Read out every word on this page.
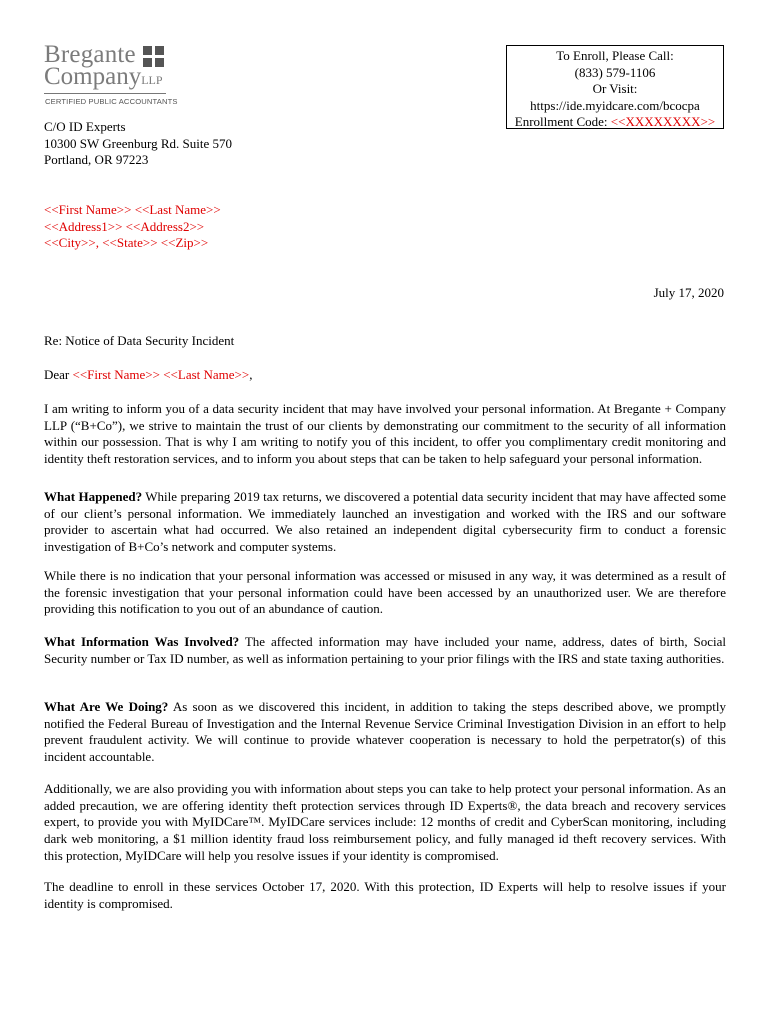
Bregante
CompanyLLP
CERTIFIED PUBLIC ACCOUNTANTS
To Enroll, Please Call:
(833) 579-1106
Or Visit:
https://ide.myidcare.com/bcocpa
Enrollment Code: <<XXXXXXXX>>
C/O ID Experts
10300 SW Greenburg Rd. Suite 570
Portland, OR 97223
<<First Name>> <<Last Name>>
<<Address1>> <<Address2>>
<<City>>, <<State>> <<Zip>>
July 17, 2020
Re: Notice of Data Security Incident
Dear <<First Name>> <<Last Name>>,
I am writing to inform you of a data security incident that may have involved your personal information. At Bregante + Company LLP (“B+Co”), we strive to maintain the trust of our clients by demonstrating our commitment to the security of all information within our possession. That is why I am writing to notify you of this incident, to offer you complimentary credit monitoring and identity theft restoration services, and to inform you about steps that can be taken to help safeguard your personal information.
What Happened? While preparing 2019 tax returns, we discovered a potential data security incident that may have affected some of our client’s personal information. We immediately launched an investigation and worked with the IRS and our software provider to ascertain what had occurred. We also retained an independent digital cybersecurity firm to conduct a forensic investigation of B+Co’s network and computer systems.
While there is no indication that your personal information was accessed or misused in any way, it was determined as a result of the forensic investigation that your personal information could have been accessed by an unauthorized user. We are therefore providing this notification to you out of an abundance of caution.
What Information Was Involved? The affected information may have included your name, address, dates of birth, Social Security number or Tax ID number, as well as information pertaining to your prior filings with the IRS and state taxing authorities.
What Are We Doing? As soon as we discovered this incident, in addition to taking the steps described above, we promptly notified the Federal Bureau of Investigation and the Internal Revenue Service Criminal Investigation Division in an effort to help prevent fraudulent activity. We will continue to provide whatever cooperation is necessary to hold the perpetrator(s) of this incident accountable.
Additionally, we are also providing you with information about steps you can take to help protect your personal information. As an added precaution, we are offering identity theft protection services through ID Experts®, the data breach and recovery services expert, to provide you with MyIDCare™. MyIDCare services include: 12 months of credit and CyberScan monitoring, including dark web monitoring, a $1 million identity fraud loss reimbursement policy, and fully managed id theft recovery services. With this protection, MyIDCare will help you resolve issues if your identity is compromised.
The deadline to enroll in these services October 17, 2020. With this protection, ID Experts will help to resolve issues if your identity is compromised.
